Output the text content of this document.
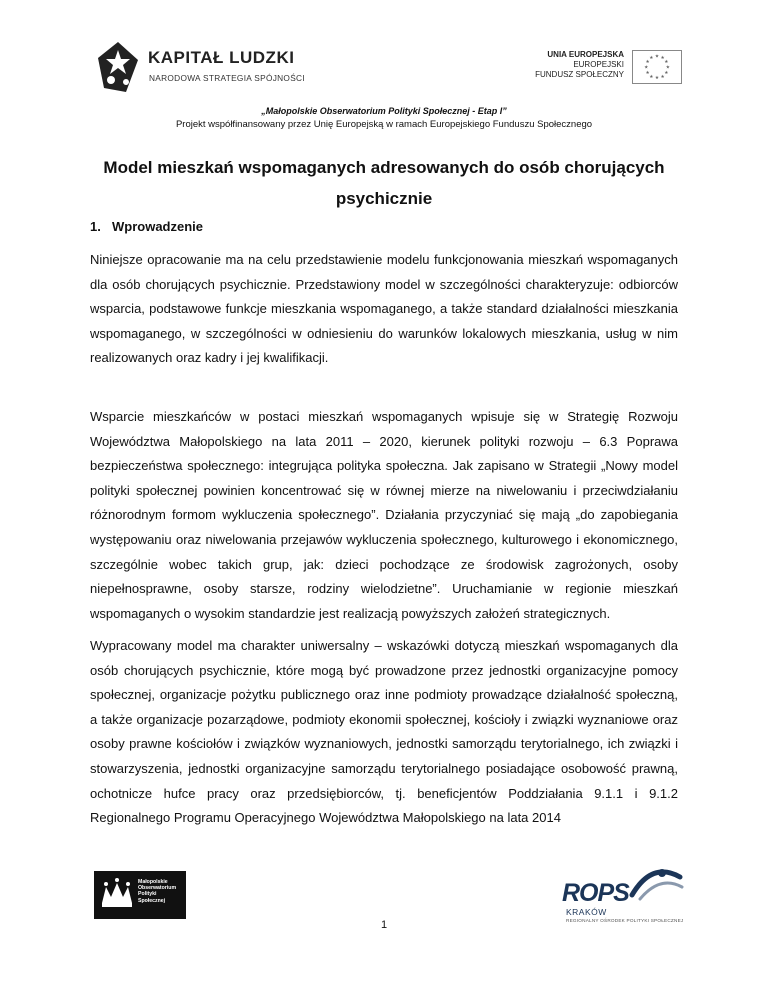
KAPITAŁ LUDZKI
NARODOWA STRATEGIA SPÓJNOŚCI
UNIA EUROPEJSKA
EUROPEJSKI
FUNDUSZ SPOŁECZNY
★ ★
★
★
★
★
★
★
★
★
★
★
„Małopolskie Obserwatorium Polityki Społecznej - Etap I”
Projekt współfinansowany przez Unię Europejską w ramach Europejskiego Funduszu Społecznego
Model mieszkań wspomaganych adresowanych do osób chorujących psychicznie
1. Wprowadzenie

Niniejsze opracowanie ma na celu przedstawienie modelu funkcjonowania mieszkań wspomaganych dla osób chorujących psychicznie. Przedstawiony model w szczególności charakteryzuje: odbiorców wsparcia, podstawowe funkcje mieszkania wspomaganego, a także standard działalności mieszkania wspomaganego, w szczególności w odniesieniu do warunków lokalowych mieszkania, usług w nim realizowanych oraz kadry i jej kwalifikacji.

Wsparcie mieszkańców w postaci mieszkań wspomaganych wpisuje się w Strategię Rozwoju Województwa Małopolskiego na lata 2011 – 2020, kierunek polityki rozwoju – 6.3 Poprawa bezpieczeństwa społecznego: integrująca polityka społeczna. Jak zapisano w Strategii „Nowy model polityki społecznej powinien koncentrować się w równej mierze na niwelowaniu i przeciwdziałaniu różnorodnym formom wykluczenia społecznego”. Działania przyczyniać się mają „do zapobiegania występowaniu oraz niwelowania przejawów wykluczenia społecznego, kulturowego i ekonomicznego, szczególnie wobec takich grup, jak: dzieci pochodzące ze środowisk zagrożonych, osoby niepełnosprawne, osoby starsze, rodziny wielodzietne”. Uruchamianie w regionie mieszkań wspomaganych o wysokim standardzie jest realizacją powyższych założeń strategicznych.

Wypracowany model ma charakter uniwersalny – wskazówki dotyczą mieszkań wspomaganych dla osób chorujących psychicznie, które mogą być prowadzone przez jednostki organizacyjne pomocy społecznej, organizacje pożytku publicznego oraz inne podmioty prowadzące działalność społeczną, a także organizacje pozarządowe, podmioty ekonomii społecznej, kościoły i związki wyznaniowe oraz osoby prawne kościołów i związków wyznaniowych, jednostki samorządu terytorialnego, ich związki i stowarzyszenia, jednostki organizacyjne samorządu terytorialnego posiadające osobowość prawną, ochotnicze hufce pracy oraz przedsiębiorców, tj. beneficjentów Poddziałania 9.1.1 i 9.1.2 Regionalnego Programu Operacyjnego Województwa Małopolskiego na lata 2014

Małopolskie
Obserwatorium
Polityki
Społecznej
1
ROPS
KRAKÓW
REGIONALNY OŚRODEK POLITYKI SPOŁECZNEJ
